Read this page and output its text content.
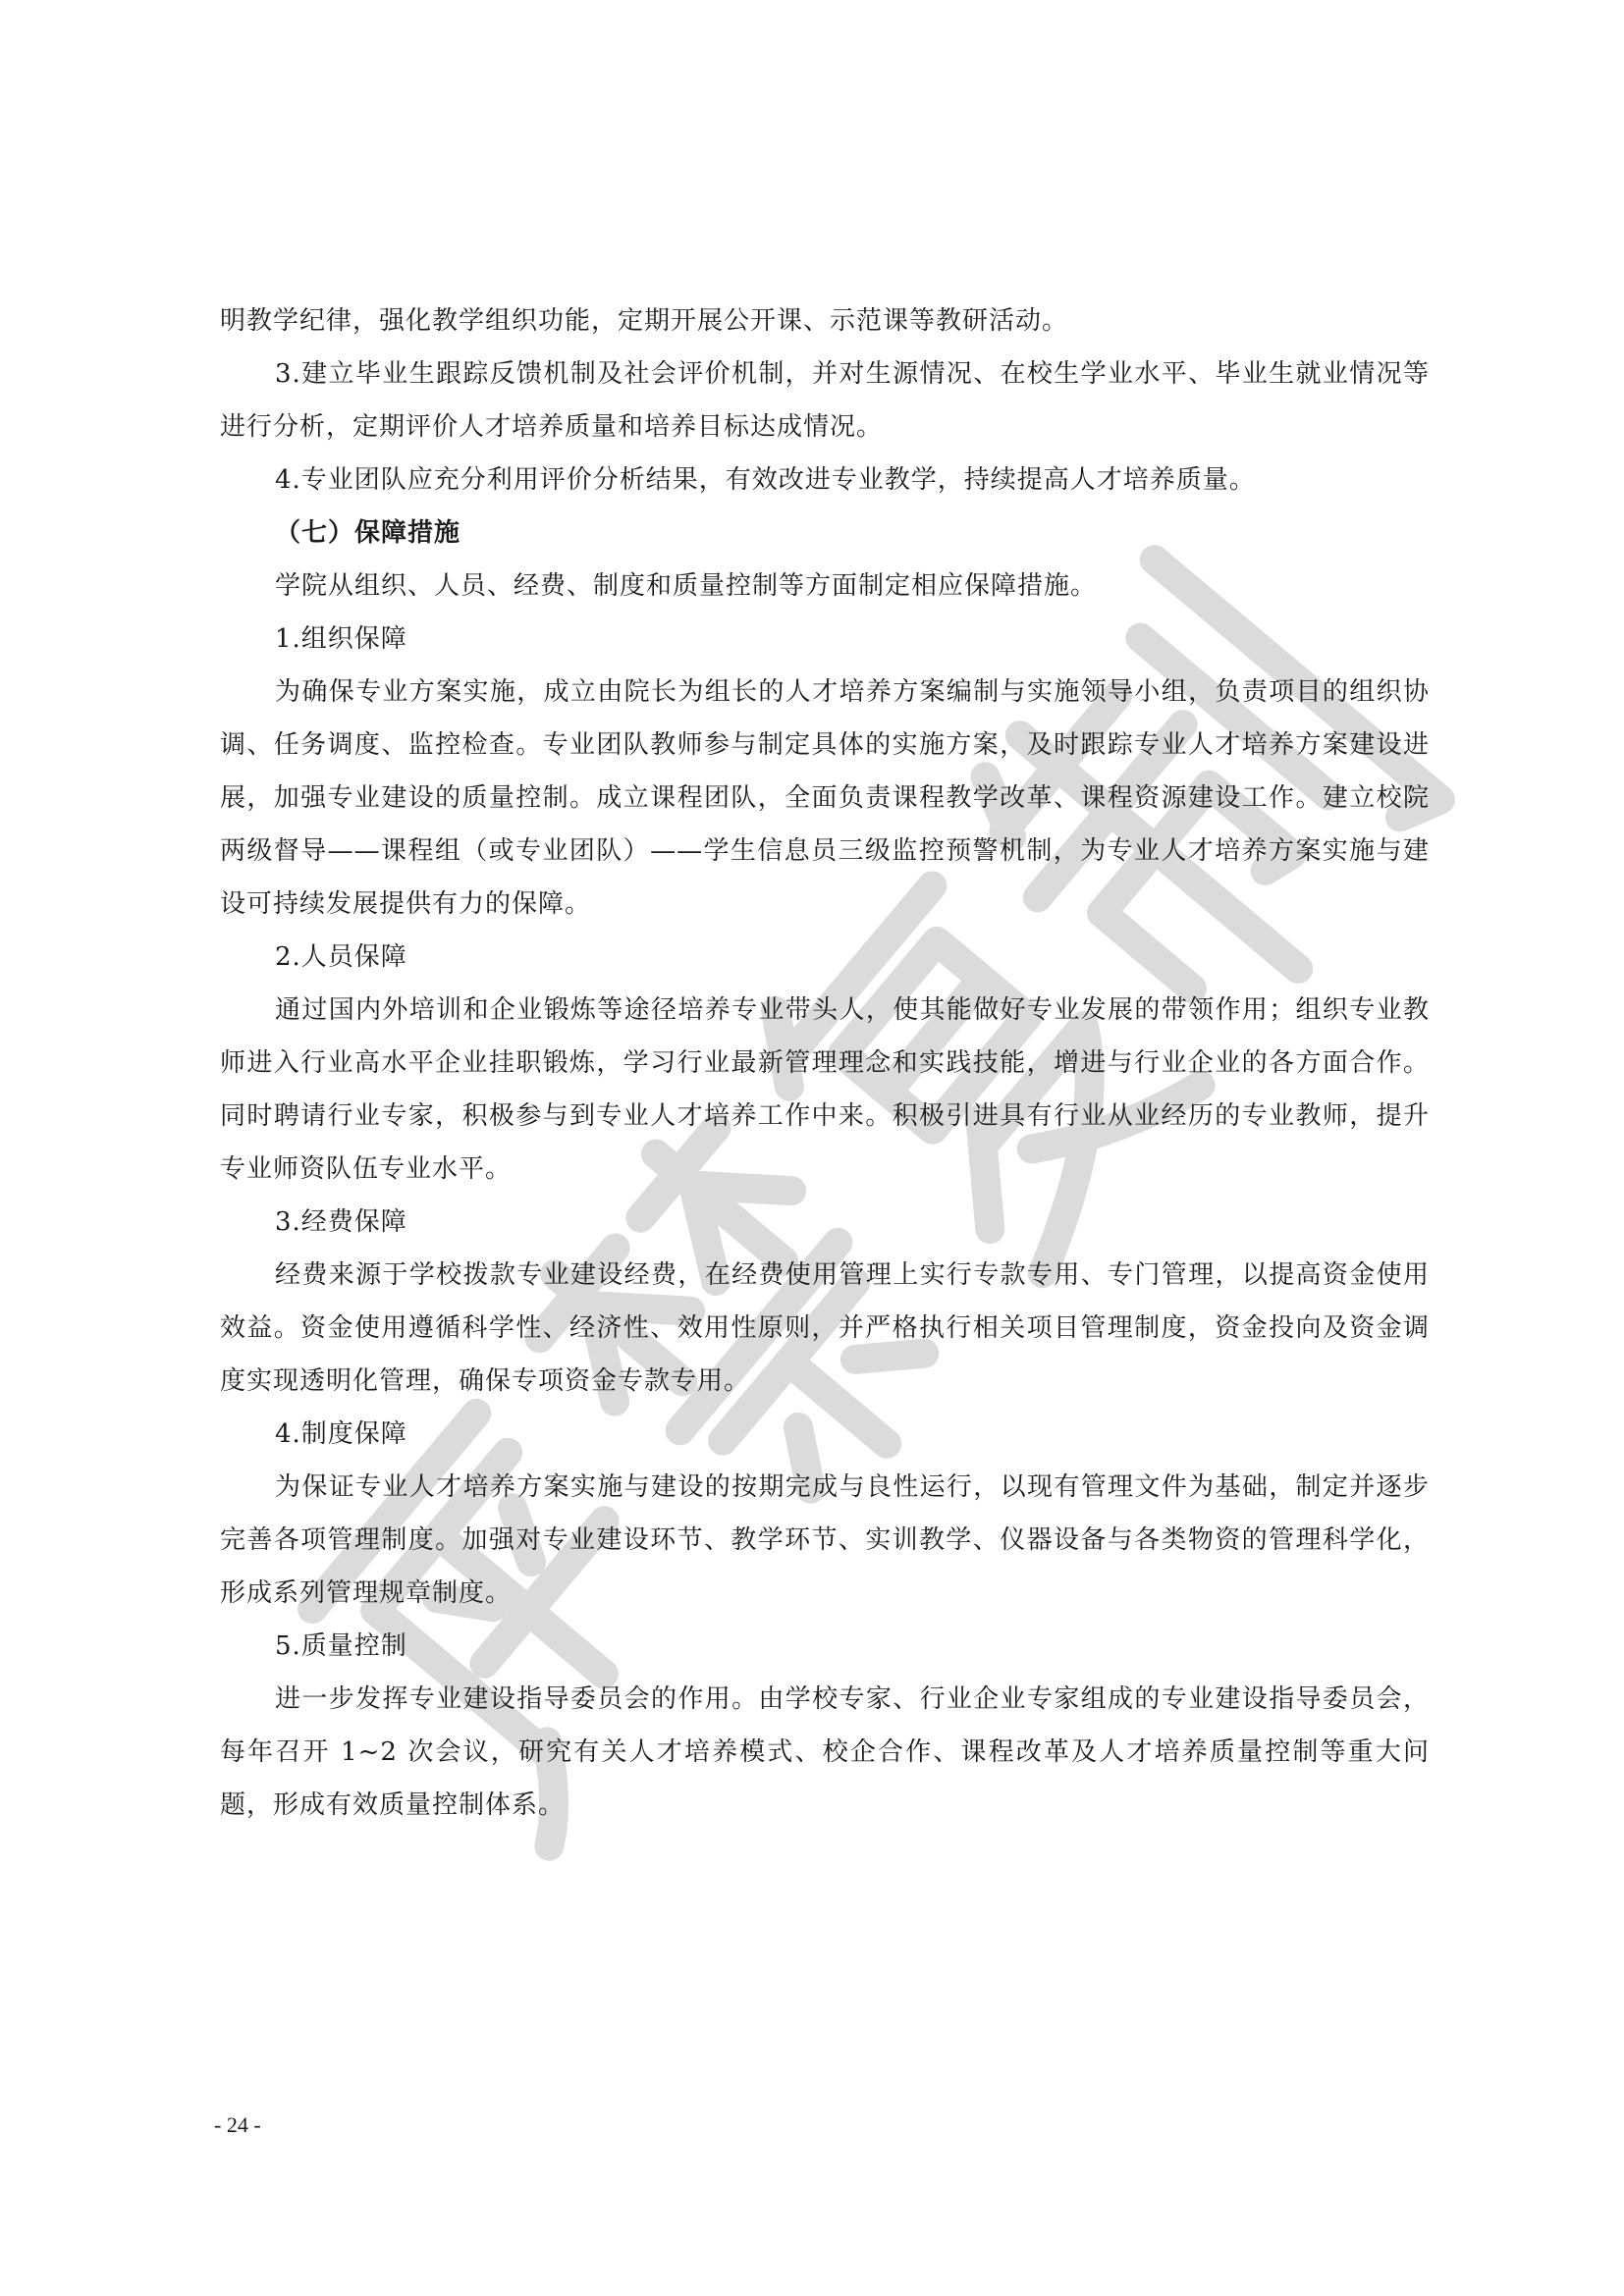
明教学纪律，强化教学组织功能，定期开展公开课、示范课等教研活动。

3.建立毕业生跟踪反馈机制及社会评价机制，并对生源情况、在校生学业水平、毕业生就业情况等进行分析，定期评价人才培养质量和培养目标达成情况。

4.专业团队应充分利用评价分析结果，有效改进专业教学，持续提高人才培养质量。

（七）保障措施

学院从组织、人员、经费、制度和质量控制等方面制定相应保障措施。

1.组织保障

为确保专业方案实施，成立由院长为组长的人才培养方案编制与实施领导小组，负责项目的组织协调、任务调度、监控检查。专业团队教师参与制定具体的实施方案，及时跟踪专业人才培养方案建设进展，加强专业建设的质量控制。成立课程团队，全面负责课程教学改革、课程资源建设工作。建立校院两级督导——课程组（或专业团队）——学生信息员三级监控预警机制，为专业人才培养方案实施与建设可持续发展提供有力的保障。

2.人员保障

通过国内外培训和企业锻炼等途径培养专业带头人，使其能做好专业发展的带领作用；组织专业教师进入行业高水平企业挂职锻炼，学习行业最新管理理念和实践技能，增进与行业企业的各方面合作。同时聘请行业专家，积极参与到专业人才培养工作中来。积极引进具有行业从业经历的专业教师，提升专业师资队伍专业水平。

3.经费保障

经费来源于学校拨款专业建设经费，在经费使用管理上实行专款专用、专门管理，以提高资金使用效益。资金使用遵循科学性、经济性、效用性原则，并严格执行相关项目管理制度，资金投向及资金调度实现透明化管理，确保专项资金专款专用。

4.制度保障

为保证专业人才培养方案实施与建设的按期完成与良性运行，以现有管理文件为基础，制定并逐步完善各项管理制度。加强对专业建设环节、教学环节、实训教学、仪器设备与各类物资的管理科学化，形成系列管理规章制度。

5.质量控制

进一步发挥专业建设指导委员会的作用。由学校专家、行业企业专家组成的专业建设指导委员会，每年召开 1~2 次会议，研究有关人才培养模式、校企合作、课程改革及人才培养质量控制等重大问题，形成有效质量控制体系。

- 24 -
